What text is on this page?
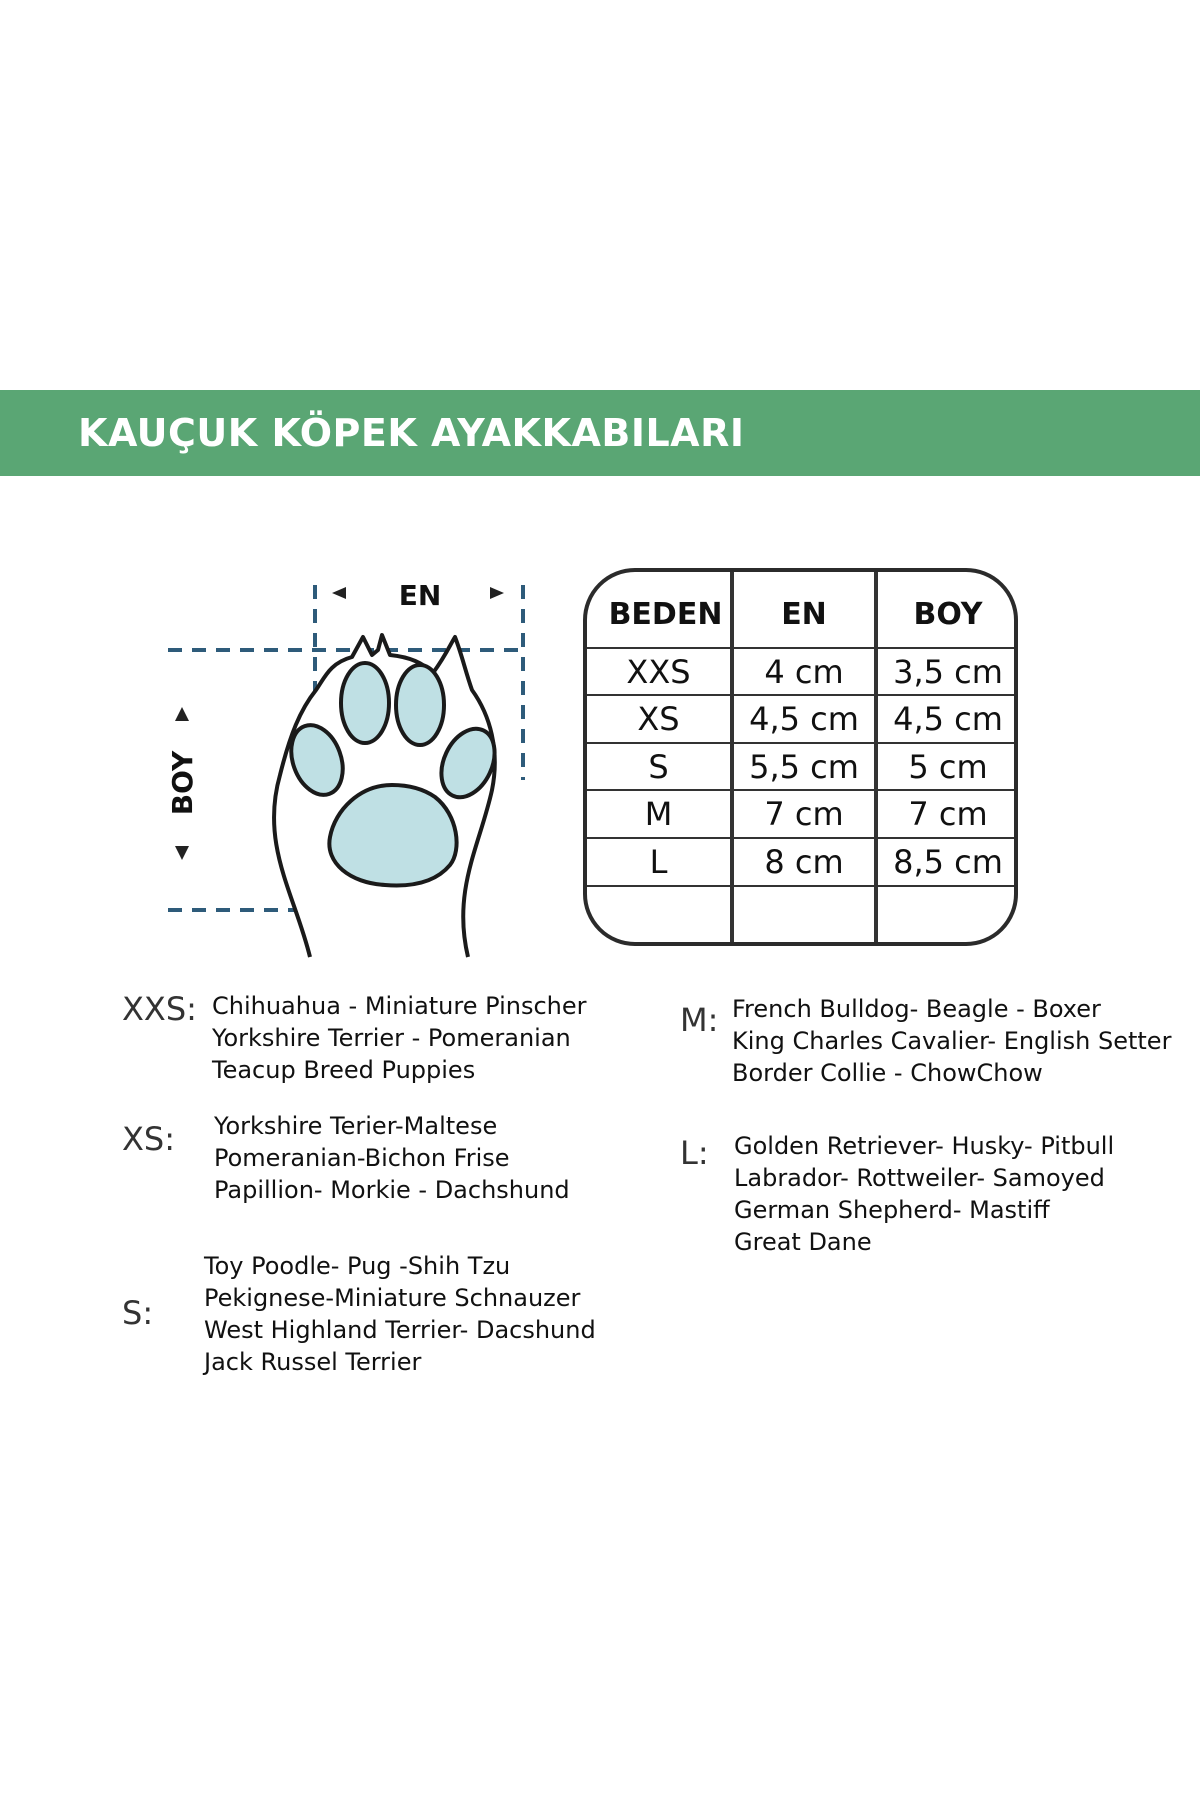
KAUÇUK KÖPEK AYAKKABILARI
EN
BOY
BEDEN	EN	BOY
XXS	4 cm	3,5 cm
XS	4,5 cm	4,5 cm
S	5,5 cm	5 cm
M	7 cm	7 cm
L	8 cm	8,5 cm
XXS: Chihuahua - Miniature Pinscher
Yorkshire Terrier - Pomeranian
Teacup Breed Puppies
XS: Yorkshire Terier-Maltese
Pomeranian-Bichon Frise
Papillion- Morkie - Dachshund
S:
Toy Poodle- Pug -Shih Tzu
Pekignese-Miniature Schnauzer
West Highland Terrier- Dacshund
Jack Russel Terrier
M: French Bulldog- Beagle - Boxer
King Charles Cavalier- English Setter
Border Collie - ChowChow
L: Golden Retriever- Husky- Pitbull
Labrador- Rottweiler- Samoyed
German Shepherd- Mastiff
Great Dane
